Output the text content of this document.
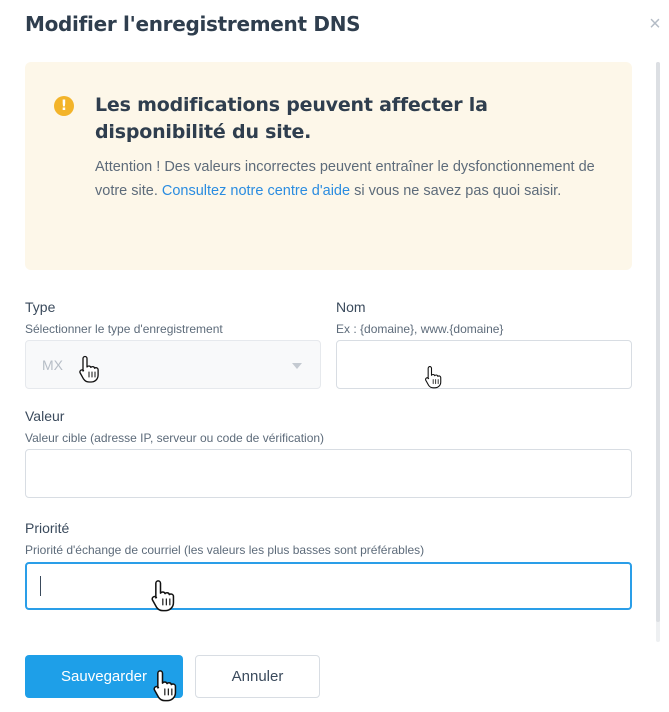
Modifier l'enregistrement DNS	×
!	Les modifications peuvent affecter la disponibilité du site.
Attention ! Des valeurs incorrectes peuvent entraîner le dysfonctionnement de votre site. Consultez notre centre d'aide si vous ne savez pas quoi saisir.
Type
Sélectionner le type d'enregistrement
MX
Nom
Ex : {domaine}, www.{domaine}
Valeur
Valeur cible (adresse IP, serveur ou code de vérification)
Priorité
Priorité d'échange de courriel (les valeurs les plus basses sont préférables)
Sauvegarder	Annuler
